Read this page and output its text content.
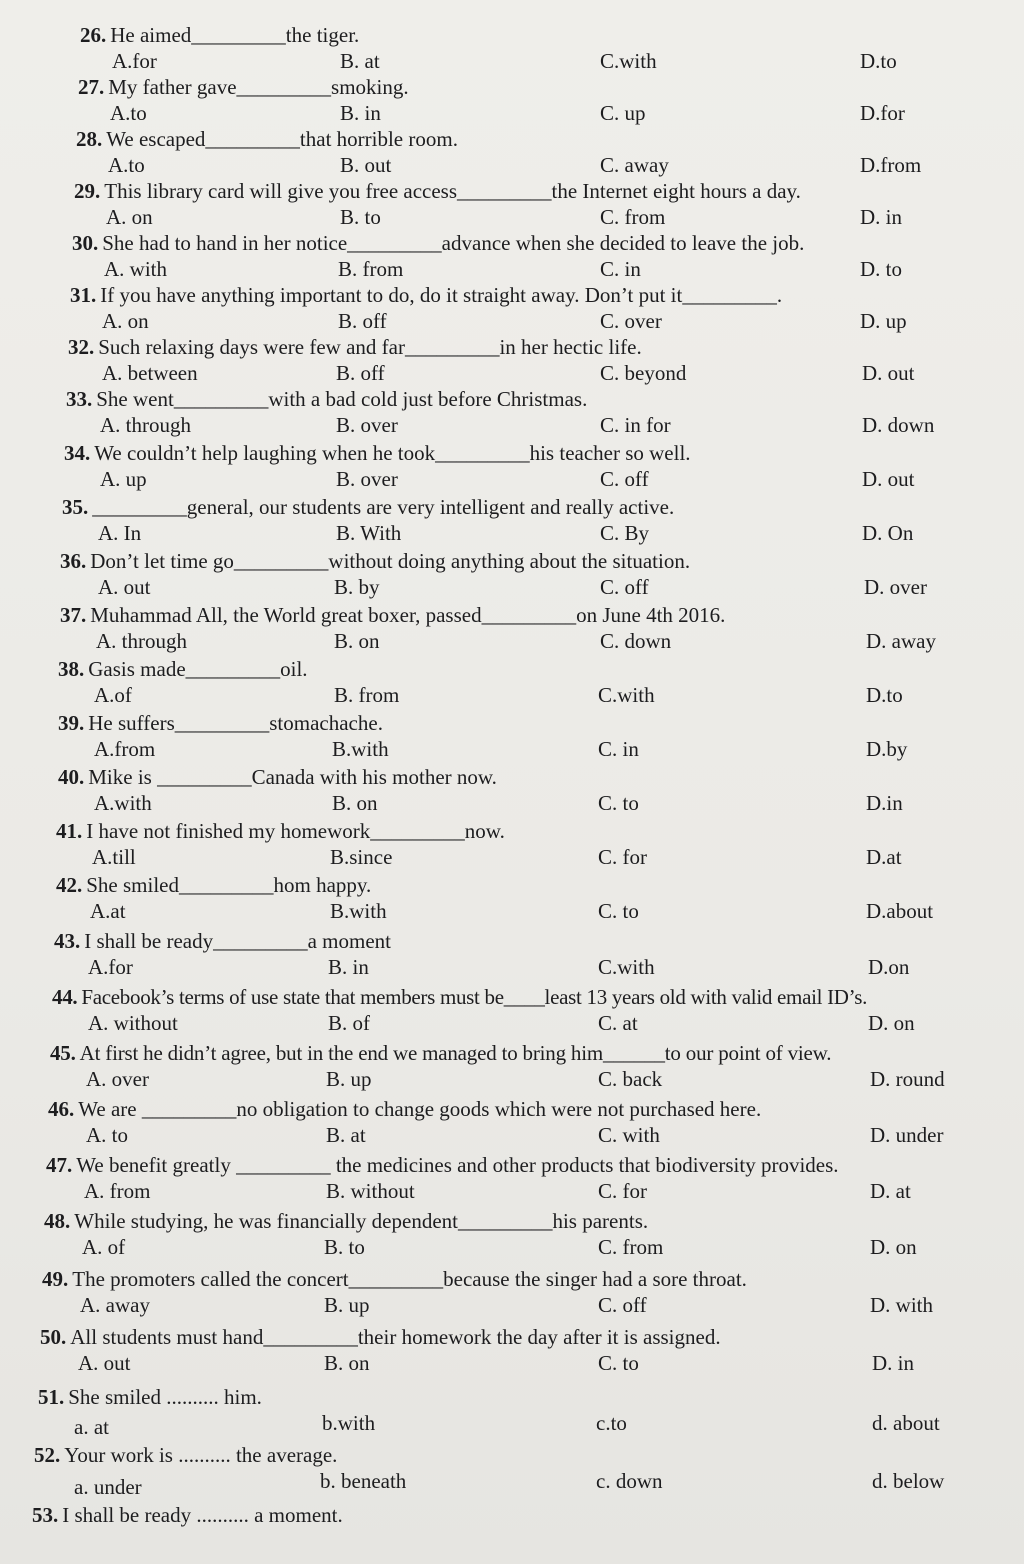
26. He aimed_________the tiger.
A.for	B. at	C.with	D.to
27. My father gave_________smoking.
A.to	B. in	C. up	D.for
28. We escaped_________that horrible room.
A.to	B. out	C. away	D.from
29. This library card will give you free access_________the Internet eight hours a day.
A. on	B. to	C. from	D. in
30. She had to hand in her notice_________advance when she decided to leave the job.
A. with	B. from	C. in	D. to
31. If you have anything important to do, do it straight away. Don’t put it_________.
A. on	B. off	C. over	D. up
32. Such relaxing days were few and far_________in her hectic life.
A. between	B. off	C. beyond	D. out
33. She went_________with a bad cold just before Christmas.
A. through	B. over	C. in for	D. down
34. We couldn’t help laughing when he took_________his teacher so well.
A. up	B. over	C. off	D. out
35. _________general, our students are very intelligent and really active.
A. In	B. With	C. By	D. On
36. Don’t let time go_________without doing anything about the situation.
A. out	B. by	C. off	D. over
37. Muhammad All, the World great boxer, passed_________on June 4th 2016.
A. through	B. on	C. down	D. away
38. Gasis made_________oil.
A.of	B. from	C.with	D.to
39. He suffers_________stomachache.
A.from	B.with	C. in	D.by
40. Mike is _________Canada with his mother now.
A.with	B. on	C. to	D.in
41. I have not finished my homework_________now.
A.till	B.since	C. for	D.at
42. She smiled_________hom happy.
A.at	B.with	C. to	D.about
43. I shall be ready_________a moment
A.for	B. in	C.with	D.on
44. Facebook’s terms of use state that members must be____least 13 years old with valid email ID’s.
A. without	B. of	C. at	D. on
45. At first he didn’t agree, but in the end we managed to bring him______to our point of view.
A. over	B. up	C. back	D. round
46. We are _________no obligation to change goods which were not purchased here.
A. to	B. at	C. with	D. under
47. We benefit greatly _________ the medicines and other products that biodiversity provides.
A. from	B. without	C. for	D. at
48. While studying, he was financially dependent_________his parents.
A. of	B. to	C. from	D. on
49. The promoters called the concert_________because the singer had a sore throat.
A. away	B. up	C. off	D. with
50. All students must hand_________their homework the day after it is assigned.
A. out	B. on	C. to	D. in
51. She smiled .......... him.
a. at	b.with	c.to	d. about
52. Your work is .......... the average.
a. under	b. beneath	c. down	d. below
53. I shall be ready .......... a moment.
